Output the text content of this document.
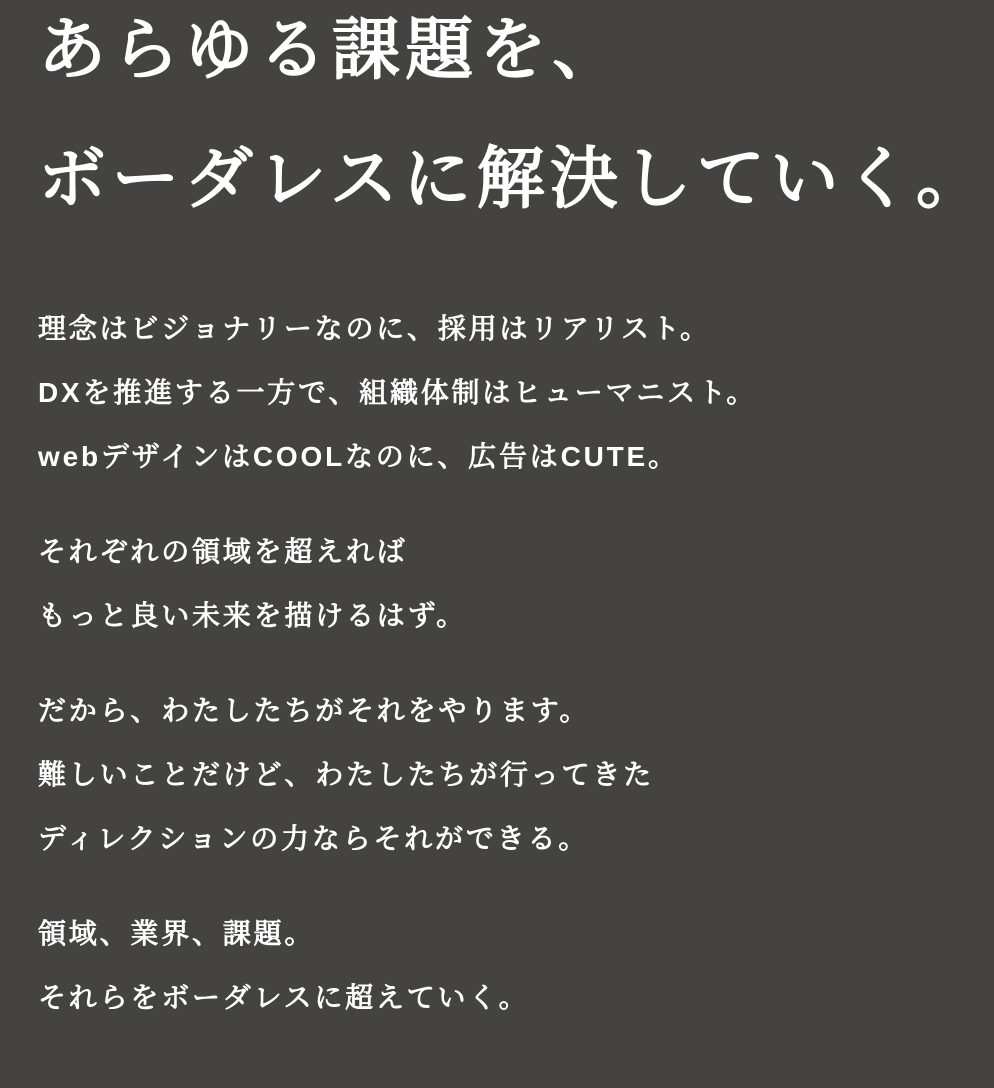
あらゆる課題を、
ボーダレスに解決していく。

理念はビジョナリーなのに、採用はリアリスト。
DXを推進する一方で、組織体制はヒューマニスト。
webデザインはCOOLなのに、広告はCUTE。

それぞれの領域を超えれば
もっと良い未来を描けるはず。

だから、わたしたちがそれをやります。
難しいことだけど、わたしたちが行ってきた
ディレクションの力ならそれができる。

領域、業界、課題。
それらをボーダレスに超えていく。
